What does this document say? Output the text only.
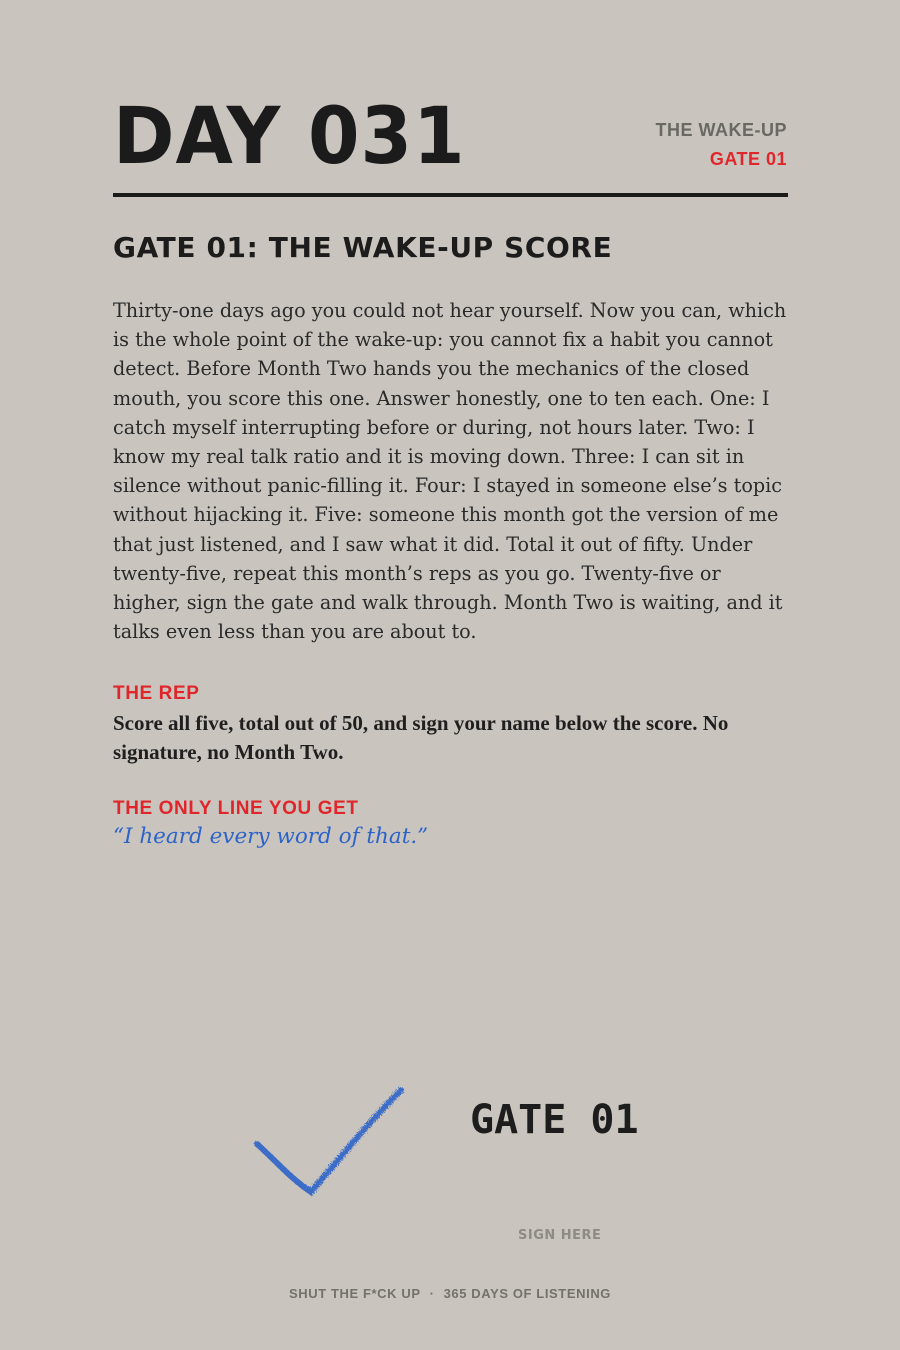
DAY 031	THE WAKE-UP
GATE 01
GATE 01: THE WAKE-UP SCORE

Thirty-one days ago you could not hear yourself. Now you can, which is the whole point of the wake-up: you cannot fix a habit you cannot detect. Before Month Two hands you the mechanics of the closed mouth, you score this one. Answer honestly, one to ten each. One: I catch myself interrupting before or during, not hours later. Two: I know my real talk ratio and it is moving down. Three: I can sit in silence without panic-filling it. Four: I stayed in someone else’s topic without hijacking it. Five: someone this month got the version of me that just listened, and I saw what it did. Total it out of fifty. Under twenty-five, repeat this month’s reps as you go. Twenty-five or higher, sign the gate and walk through. Month Two is waiting, and it talks even less than you are about to.

THE REP

Score all five, total out of 50, and sign your name below the score. No signature, no Month Two.

THE ONLY LINE YOU GET

“I heard every word of that.”

GATE 01
SIGN HERE
SHUT THE F*CK UP · 365 DAYS OF LISTENING
